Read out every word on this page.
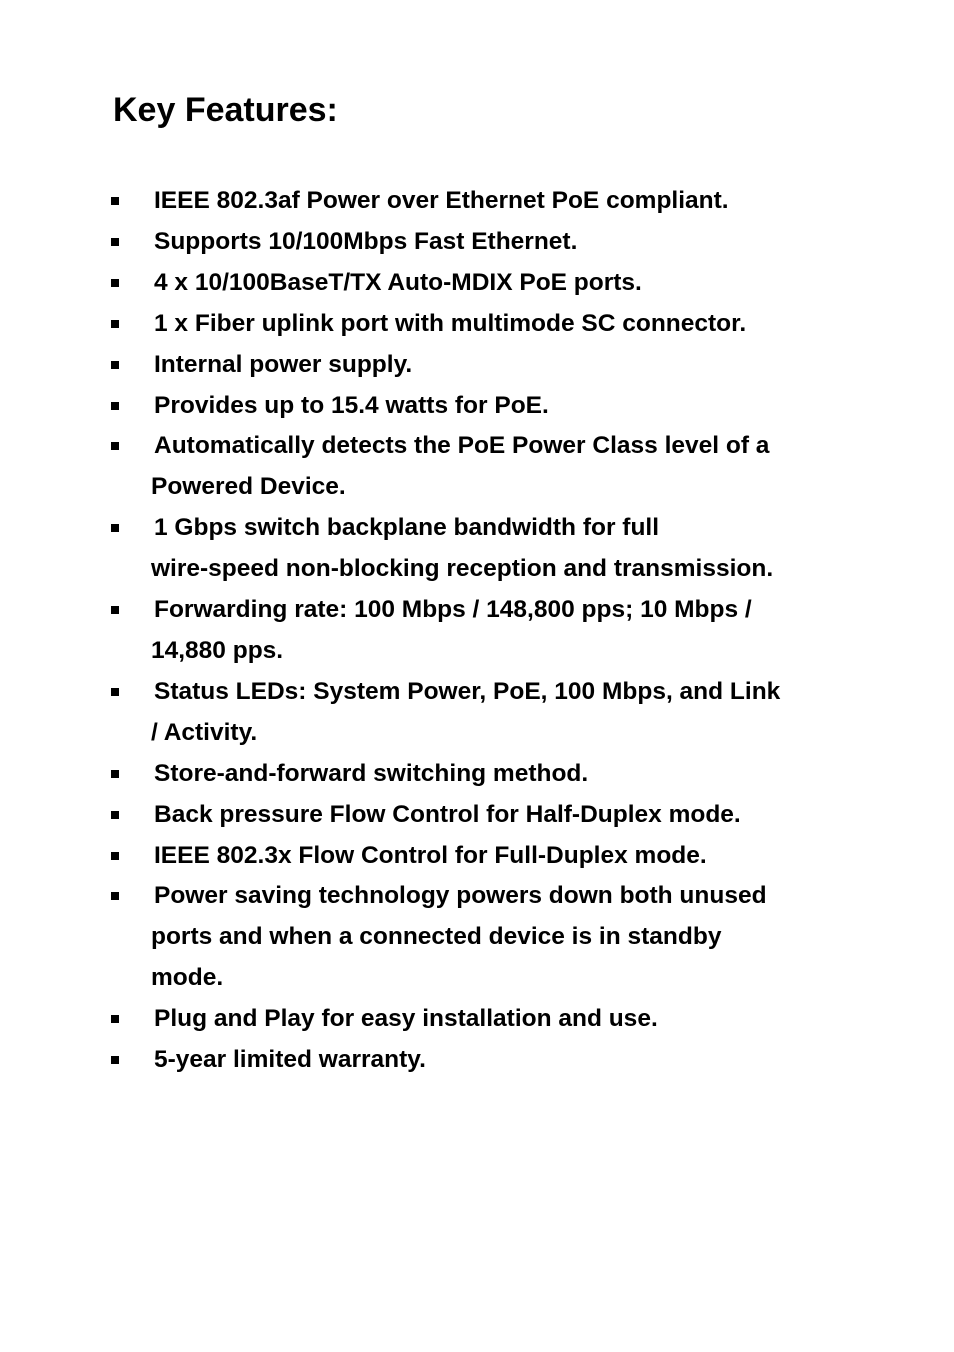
Key Features:
IEEE 802.3af Power over Ethernet PoE compliant.
Supports 10/100Mbps Fast Ethernet.
4 x 10/100BaseT/TX Auto-MDIX PoE ports.
1 x Fiber uplink port with multimode SC connector.
Internal power supply.
Provides up to 15.4 watts for PoE.
Automatically detects the PoE Power Class level of a
Powered Device.
1 Gbps switch backplane bandwidth for full
wire-speed non-blocking reception and transmission.
Forwarding rate: 100 Mbps / 148,800 pps; 10 Mbps /
14,880 pps.
Status LEDs: System Power, PoE, 100 Mbps, and Link
/ Activity.
Store-and-forward switching method.
Back pressure Flow Control for Half-Duplex mode.
IEEE 802.3x Flow Control for Full-Duplex mode.
Power saving technology powers down both unused
ports and when a connected device is in standby
mode.
Plug and Play for easy installation and use.
5-year limited warranty.
